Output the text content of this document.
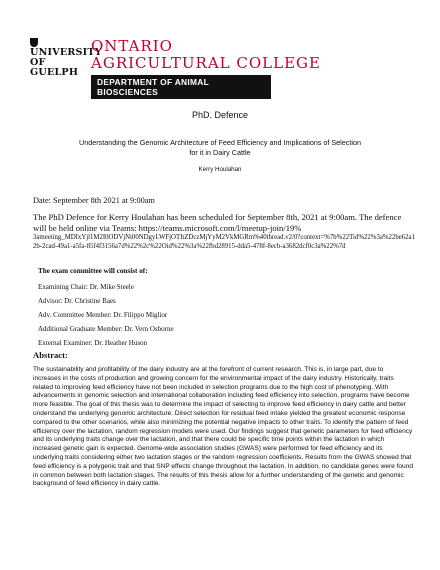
UNIVERSITY OF GUELPH
ONTARIO
AGRICULTURAL COLLEGE
DEPARTMENT OF ANIMAL BIOSCIENCES
PhD. Defence
Understanding the Genomic Architecture of Feed Efficiency and Implications of Selection
for it in Dairy Cattle
Kerry Houlahan
Date: September 8th 2021 at 9:00am
The PhD Defence for Kerry Houlahan has been scheduled for September 8th, 2021 at 9:00am. The defence will be held online via Teams: https://teams.microsoft.com/l/meetup-join/19%
3ameeting_MDIxYjl1M2I0ODVjNi00NDgyLWFjOTItZDczMjYyM2VkMGRm%40thread.v2/0?context=%7b%22Tid%22%3a%22be62a12b-2cad-49a1-a5fa-85f4f3156a7d%22%2c%22Oid%22%3a%22fbd28915-dda5-478f-8ecb-a3682dcf0c3a%22%7d
The exam committee will consist of:
Examining Chair: Dr. Mike Steele
Advisor: Dr. Christine Baes
Adv. Committee Member: Dr. Filippo Miglior
Additional Graduate Member: Dr. Vern Osborne
External Examiner: Dr. Heather Huson
Abstract:
The sustainability and profitability of the dairy industry are at the forefront of current research. This is, in large part, due to increases in the costs of production and growing concern for the environmental impact of the dairy industry. Historically, traits related to improving feed efficiency have not been included in selection programs due to the high cost of phenotyping. With advancements in genomic selection and international collaboration including feed efficiency into selection, programs have become more feasible. The goal of this thesis was to determine the impact of selecting to improve feed efficiency in dairy cattle and better understand the underlying genomic architecture. Direct selection for residual feed intake yielded the greatest economic response compared to the other scenarios, while also minimizing the potential negative impacts to other traits. To identify the pattern of feed efficiency over the lactation, random regression models were used. Our findings suggest that genetic parameters for feed efficiency and its underlying traits change over the lactation, and that there could be specific time points within the lactation in which increased genetic gain is expected. Genome-wide association studies (GWAS) were performed for feed efficiency and its underlying traits considering either two lactation stages or the random regression coefficients. Results from the GWAS showed that feed efficiency is a polygenic trait and that SNP effects change throughout the lactation. In addition, no candidate genes were found in common between both lactation stages. The results of this thesis allow for a further understanding of the genetic and genomic background of feed efficiency in dairy cattle.
